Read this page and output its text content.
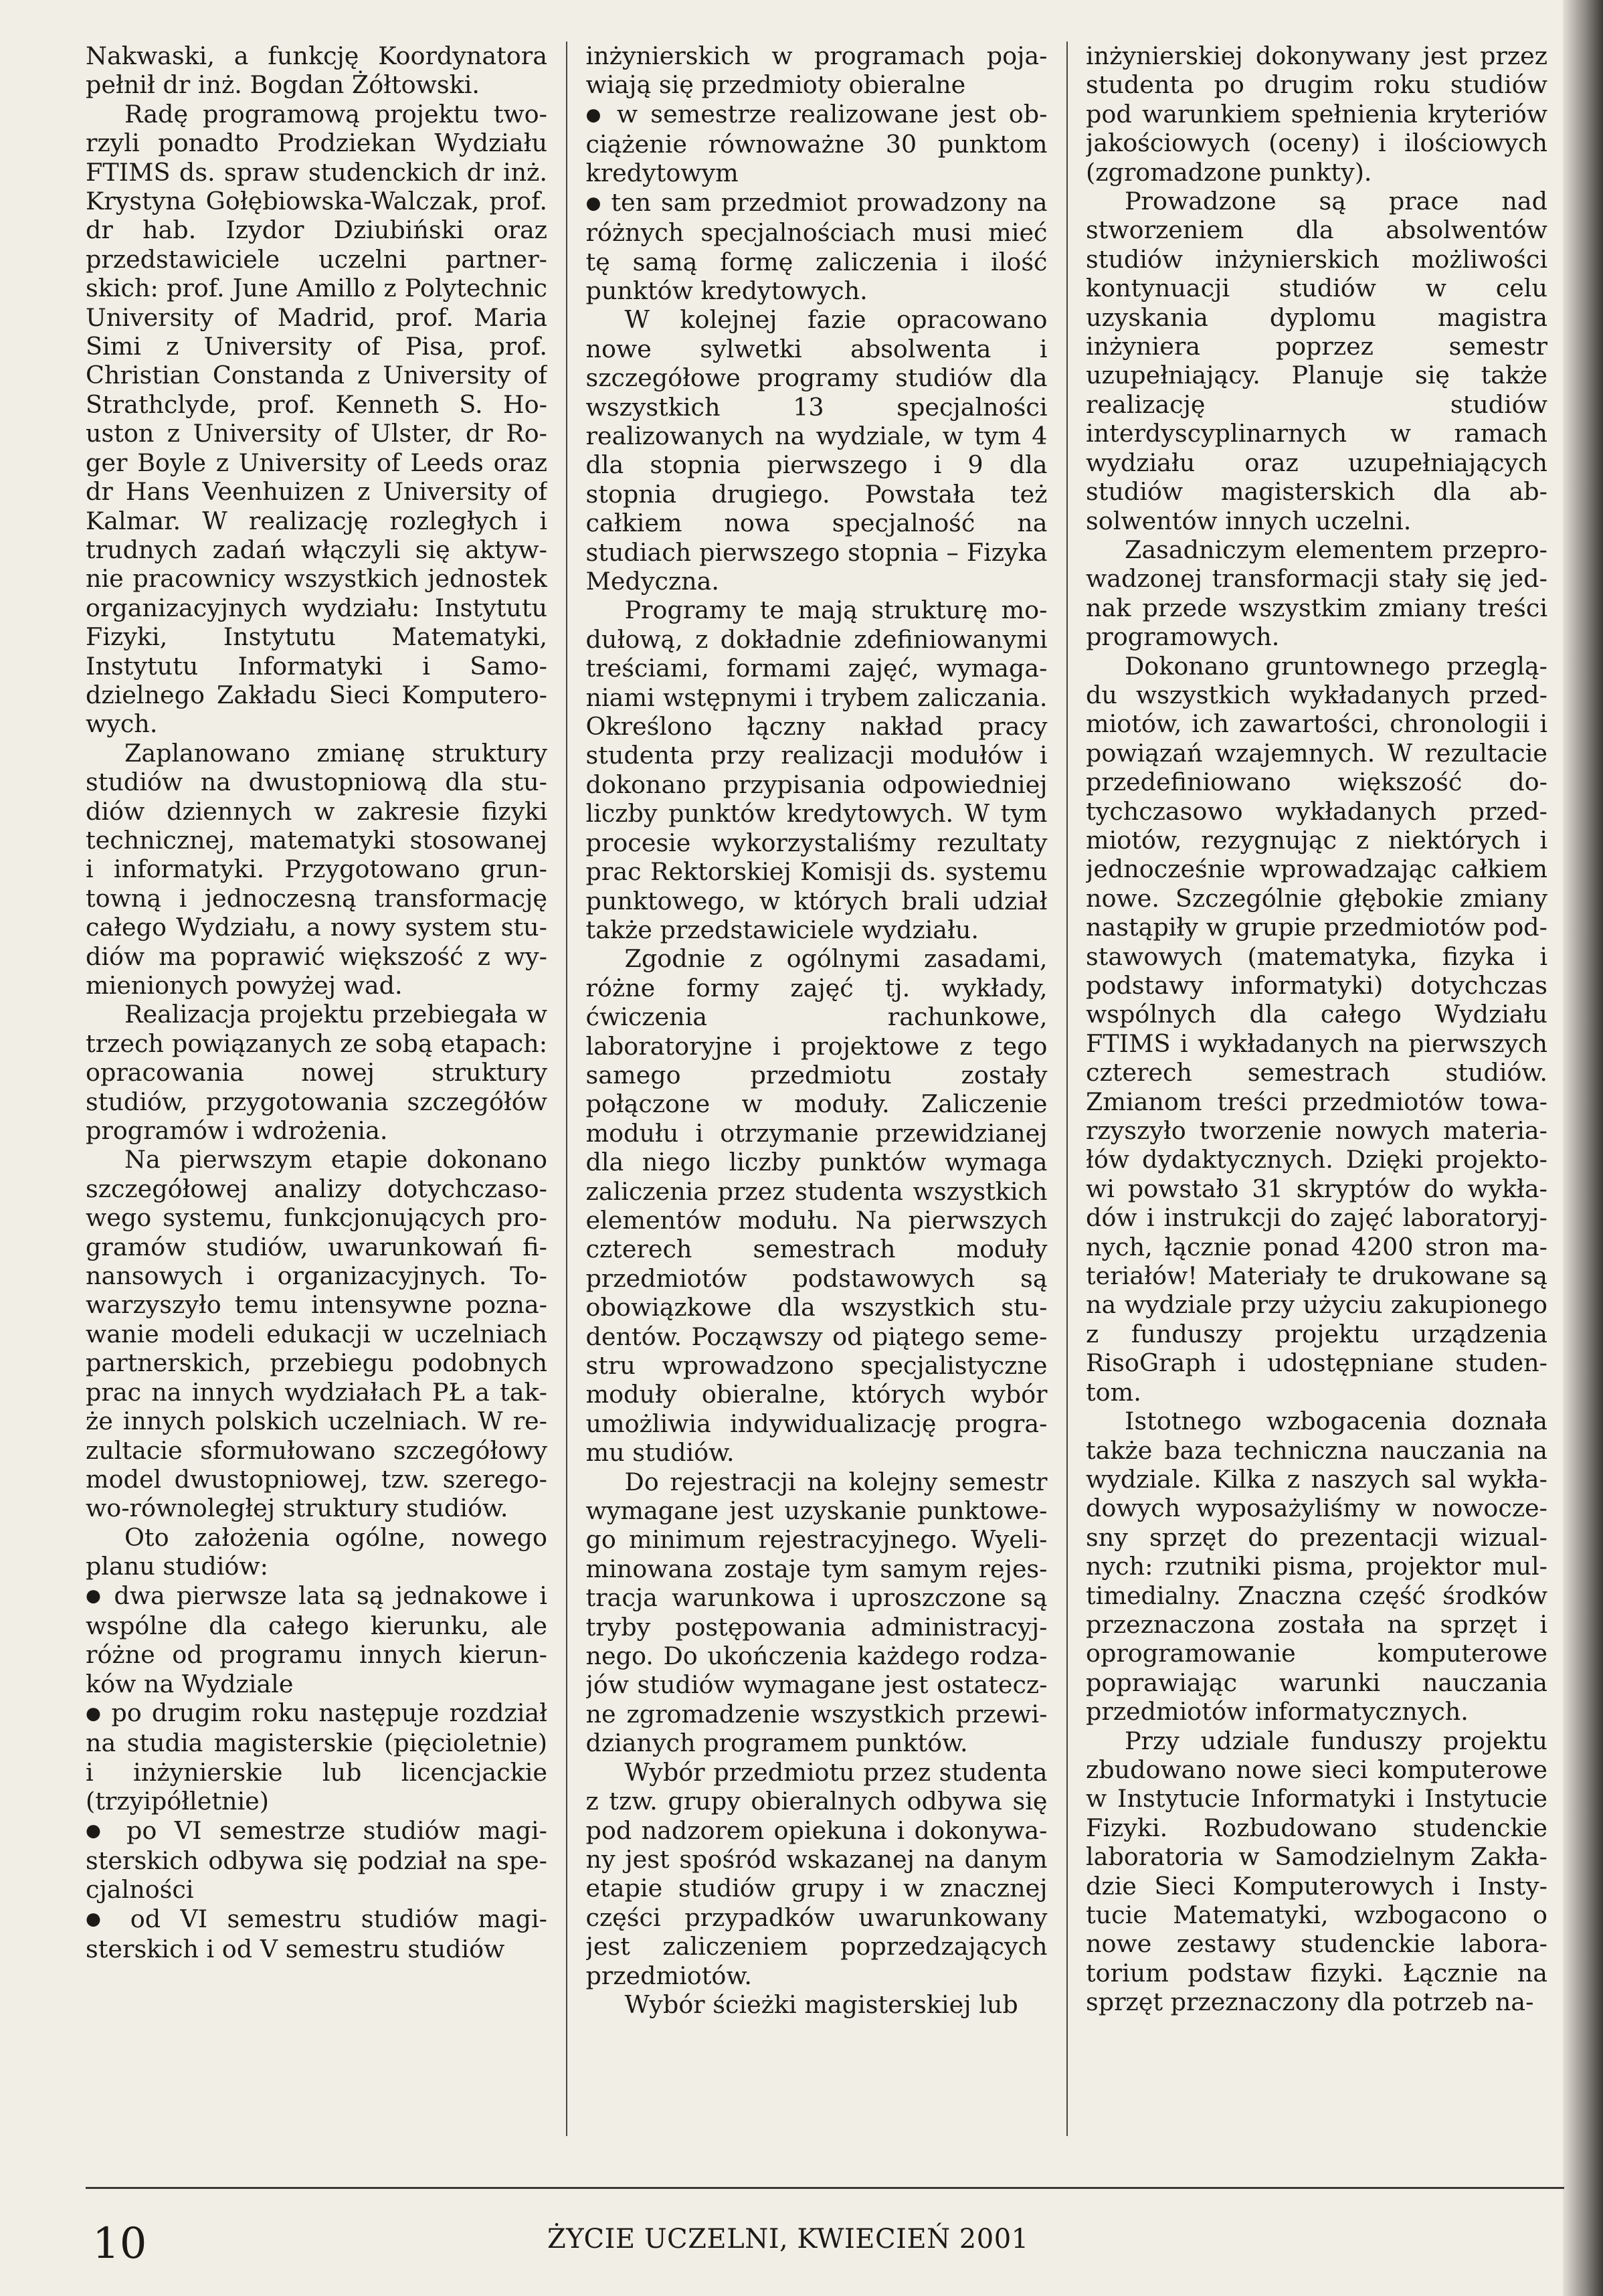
Nakwaski, a funkcję Koordynatora pełnił dr inż. Bogdan Żółtowski.

Radę programową projektu tworzyli ponadto Prodziekan Wydziału FTIMS ds. spraw studenckich dr inż. Krystyna Gołębiowska-Walczak, prof. dr hab. Izydor Dziubiński oraz przedstawiciele uczelni partnerskich: prof. June Amillo z Polytechnic University of Madrid, prof. Maria Simi z University of Pisa, prof. Christian Constanda z University of Strathclyde, prof. Kenneth S. Houston z University of Ulster, dr Roger Boyle z University of Leeds oraz dr Hans Veenhuizen z University of Kalmar. W realizację rozległych i trudnych zadań włączyli się aktywnie pracownicy wszystkich jednostek organizacyjnych wydziału: Instytutu Fizyki, Instytutu Matematyki, Instytutu Informatyki i Samodzielnego Zakładu Sieci Komputerowych.

Zaplanowano zmianę struktury studiów na dwustopniową dla studiów dziennych w zakresie fizyki technicznej, matematyki stosowanej i informatyki. Przygotowano gruntowną i jednoczesną transformację całego Wydziału, a nowy system studiów ma poprawić większość z wymienionych powyżej wad.

Realizacja projektu przebiegała w trzech powiązanych ze sobą etapach: opracowania nowej struktury studiów, przygotowania szczegółów programów i wdrożenia.

Na pierwszym etapie dokonano szczegółowej analizy dotychczasowego systemu, funkcjonujących programów studiów, uwarunkowań finansowych i organizacyjnych. Towarzyszyło temu intensywne poznawanie modeli edukacji w uczelniach partnerskich, przebiegu podobnych prac na innych wydziałach PŁ a także innych polskich uczelniach. W rezultacie sformułowano szczegółowy model dwustopniowej, tzw. szeregowo-równoległej struktury studiów.

Oto założenia ogólne, nowego planu studiów:

● dwa pierwsze lata są jednakowe i wspólne dla całego kierunku, ale różne od programu innych kierunków na Wydziale

● po drugim roku następuje rozdział na studia magisterskie (pięcioletnie) i inżynierskie lub licencjackie (trzyipółletnie)

● po VI semestrze studiów magisterskich odbywa się podział na specjalności

● od VI semestru studiów magisterskich i od V semestru studiów

inżynierskich w programach pojawiają się przedmioty obieralne

● w semestrze realizowane jest obciążenie równoważne 30 punktom kredytowym

● ten sam przedmiot prowadzony na różnych specjalnościach musi mieć tę samą formę zaliczenia i ilość punktów kredytowych.

W kolejnej fazie opracowano nowe sylwetki absolwenta i szczegółowe programy studiów dla wszystkich 13 specjalności realizowanych na wydziale, w tym 4 dla stopnia pierwszego i 9 dla stopnia drugiego. Powstała też całkiem nowa specjalność na studiach pierwszego stopnia – Fizyka Medyczna.

Programy te mają strukturę modułową, z dokładnie zdefiniowanymi treściami, formami zajęć, wymaganiami wstępnymi i trybem zaliczania. Określono łączny nakład pracy studenta przy realizacji modułów i dokonano przypisania odpowiedniej liczby punktów kredytowych. W tym procesie wykorzystaliśmy rezultaty prac Rektorskiej Komisji ds. systemu punktowego, w których brali udział także przedstawiciele wydziału.

Zgodnie z ogólnymi zasadami, różne formy zajęć tj. wykłady, ćwiczenia rachunkowe, laboratoryjne i projektowe z tego samego przedmiotu zostały połączone w moduły. Zaliczenie modułu i otrzymanie przewidzianej dla niego liczby punktów wymaga zaliczenia przez studenta wszystkich elementów modułu. Na pierwszych czterech semestrach moduły przedmiotów podstawowych są obowiązkowe dla wszystkich studentów. Począwszy od piątego semestru wprowadzono specjalistyczne moduły obieralne, których wybór umożliwia indywidualizację programu studiów.

Do rejestracji na kolejny semestr wymagane jest uzyskanie punktowego minimum rejestracyjnego. Wyeliminowana zostaje tym samym rejestracja warunkowa i uproszczone są tryby postępowania administracyjnego. Do ukończenia każdego rodzajów studiów wymagane jest ostateczne zgromadzenie wszystkich przewidzianych programem punktów.

Wybór przedmiotu przez studenta z tzw. grupy obieralnych odbywa się pod nadzorem opiekuna i dokonywany jest spośród wskazanej na danym etapie studiów grupy i w znacznej części przypadków uwarunkowany jest zaliczeniem poprzedzających przedmiotów.

Wybór ścieżki magisterskiej lub

inżynierskiej dokonywany jest przez studenta po drugim roku studiów pod warunkiem spełnienia kryteriów jakościowych (oceny) i ilościowych (zgromadzone punkty).

Prowadzone są prace nad stworzeniem dla absolwentów studiów inżynierskich możliwości kontynuacji studiów w celu uzyskania dyplomu magistra inżyniera poprzez semestr uzupełniający. Planuje się także realizację studiów interdyscyplinarnych w ramach wydziału oraz uzupełniających studiów magisterskich dla absolwentów innych uczelni.

Zasadniczym elementem przeprowadzonej transformacji stały się jednak przede wszystkim zmiany treści programowych.

Dokonano gruntownego przeglądu wszystkich wykładanych przedmiotów, ich zawartości, chronologii i powiązań wzajemnych. W rezultacie przedefiniowano większość dotychczasowo wykładanych przedmiotów, rezygnując z niektórych i jednocześnie wprowadzając całkiem nowe. Szczególnie głębokie zmiany nastąpiły w grupie przedmiotów podstawowych (matematyka, fizyka i podstawy informatyki) dotychczas wspólnych dla całego Wydziału FTIMS i wykładanych na pierwszych czterech semestrach studiów. Zmianom treści przedmiotów towarzyszyło tworzenie nowych materiałów dydaktycznych. Dzięki projektowi powstało 31 skryptów do wykładów i instrukcji do zajęć laboratoryjnych, łącznie ponad 4200 stron materiałów! Materiały te drukowane są na wydziale przy użyciu zakupionego z funduszy projektu urządzenia RisoGraph i udostępniane studentom.

Istotnego wzbogacenia doznała także baza techniczna nauczania na wydziale. Kilka z naszych sal wykładowych wyposażyliśmy w nowoczesny sprzęt do prezentacji wizualnych: rzutniki pisma, projektor multimedialny. Znaczna część środków przeznaczona została na sprzęt i oprogramowanie komputerowe poprawiając warunki nauczania przedmiotów informatycznych.

Przy udziale funduszy projektu zbudowano nowe sieci komputerowe w Instytucie Informatyki i Instytucie Fizyki. Rozbudowano studenckie laboratoria w Samodzielnym Zakładzie Sieci Komputerowych i Instytucie Matematyki, wzbogacono o nowe zestawy studenckie laboratorium podstaw fizyki. Łącznie na sprzęt przeznaczony dla potrzeb na-

10	ŻYCIE UCZELNI, KWIECIEŃ 2001
